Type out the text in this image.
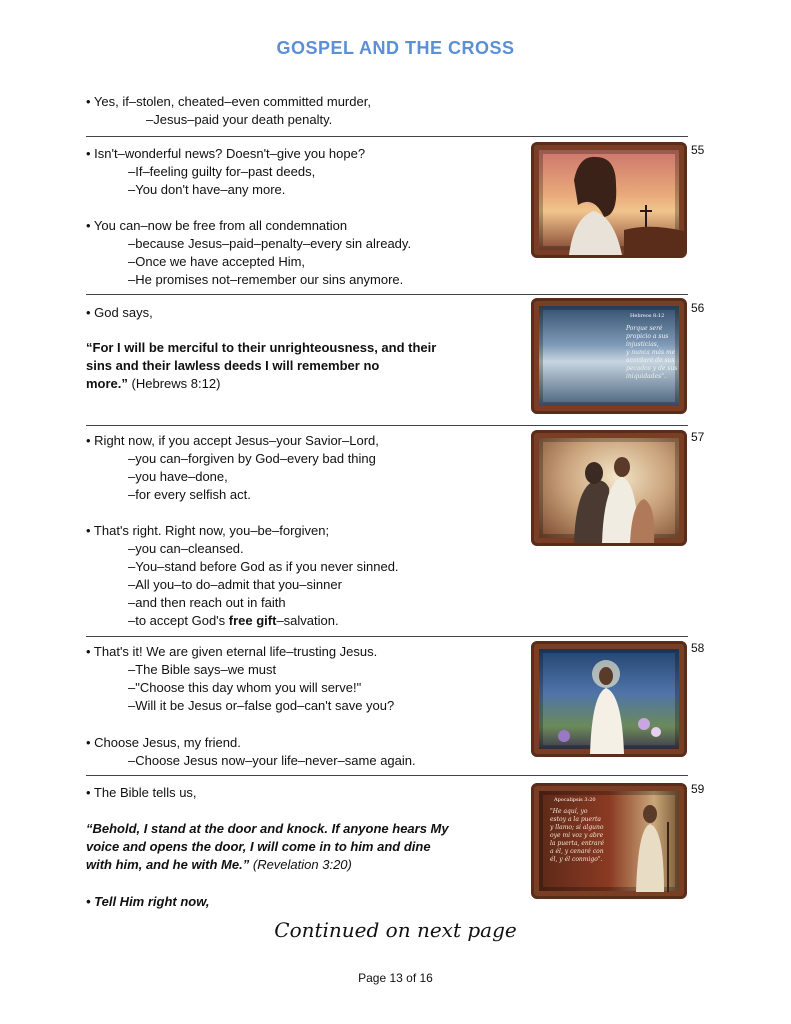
GOSPEL AND THE CROSS
• Yes, if–stolen, cheated–even committed murder,
–Jesus–paid your death penalty.
• Isn't–wonderful news? Doesn't–give you hope?
–If–feeling guilty for–past deeds,
–You don't have–any more.
• You can–now be free from all condemnation
–because Jesus–paid–penalty–every sin already.
–Once we have accepted Him,
–He promises not–remember our sins anymore.
55
• God says,
“For I will be merciful to their unrighteousness, and their
sins and their lawless deeds I will remember no
more.” (Hebrews 8:12)
Hebreos 8:12
Porque seré
propicio a sus
injusticias,
y nunca más me
acordaré de sus
pecados y de sus
iniquidades".
56
• Right now, if you accept Jesus–your Savior–Lord,
–you can–forgiven by God–every bad thing
–you have–done,
–for every selfish act.
• That's right. Right now, you–be–forgiven;
–you can–cleansed.
–You–stand before God as if you never sinned.
–All you–to do–admit that you–sinner
–and then reach out in faith
–to accept God's free gift–salvation.
57
• That's it! We are given eternal life–trusting Jesus.
–The Bible says–we must
–"Choose this day whom you will serve!"
–Will it be Jesus or–false god–can't save you?
• Choose Jesus, my friend.
–Choose Jesus now–your life–never–same again.
58
• The Bible tells us,
“Behold, I stand at the door and knock. If anyone hears My
voice and opens the door, I will come in to him and dine
with him, and he with Me.” (Revelation 3:20)
• Tell Him right now,
Apocalipsis 3:20
"He aquí, yo
estoy a la puerta
y llamo; si alguno
oye mi voz y abre
la puerta, entraré
a él, y cenaré con
él, y él conmigo".
59
Continued on next page
Page 13 of 16
